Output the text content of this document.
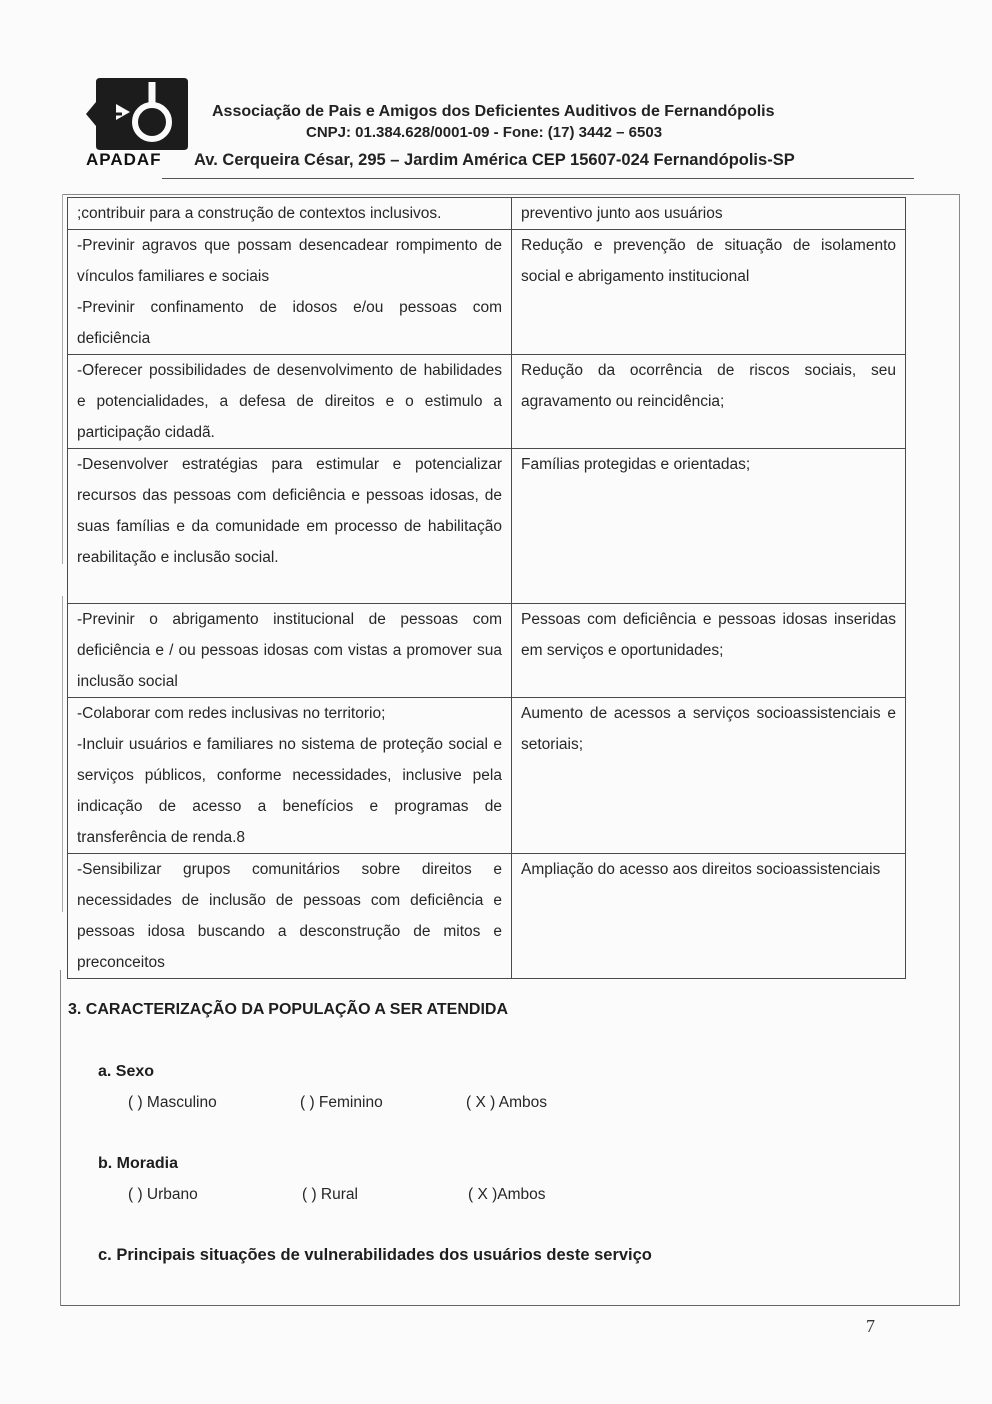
APADAF
Associação de Pais e Amigos dos Deficientes Auditivos de Fernandópolis
CNPJ: 01.384.628/0001-09 - Fone: (17) 3442 – 6503
Av. Cerqueira César, 295 – Jardim América CEP 15607-024 Fernandópolis-SP

;contribuir para a construção de contextos inclusivos.	preventivo junto aos usuários

-Previnir agravos que possam desencadear rompimento de vínculos familiares e sociais

-Previnir confinamento de idosos e/ou pessoas com deficiência	Redução e prevenção de situação de isolamento social e abrigamento institucional

-Oferecer possibilidades de desenvolvimento de habilidades e potencialidades, a defesa de direitos e o estimulo a participação cidadã.	Redução da ocorrência de riscos sociais, seu agravamento ou reincidência;

-Desenvolver estratégias para estimular e potencializar recursos das pessoas com deficiência e pessoas idosas, de suas famílias e da comunidade em processo de habilitação reabilitação e inclusão social.	Famílias protegidas e orientadas;

-Previnir o abrigamento institucional de pessoas com deficiência e / ou pessoas idosas com vistas a promover sua inclusão social	Pessoas com deficiência e pessoas idosas inseridas em serviços e oportunidades;

-Colaborar com redes inclusivas no territorio;

-Incluir usuários e familiares no sistema de proteção social e serviços públicos, conforme necessidades, inclusive pela indicação de acesso a benefícios e programas de transferência de renda.8	Aumento de acessos a serviços socioassistenciais e setoriais;

-Sensibilizar grupos comunitários sobre direitos e necessidades de inclusão de pessoas com deficiência e pessoas idosa buscando a desconstrução de mitos e preconceitos	Ampliação do acesso aos direitos socioassistenciais
3. CARACTERIZAÇÃO DA POPULAÇÃO A SER ATENDIDA
a. Sexo
( ) Masculino	( ) Feminino	( X ) Ambos
b. Moradia
( ) Urbano	( ) Rural	( X )Ambos
c. Principais situações de vulnerabilidades dos usuários deste serviço
7
